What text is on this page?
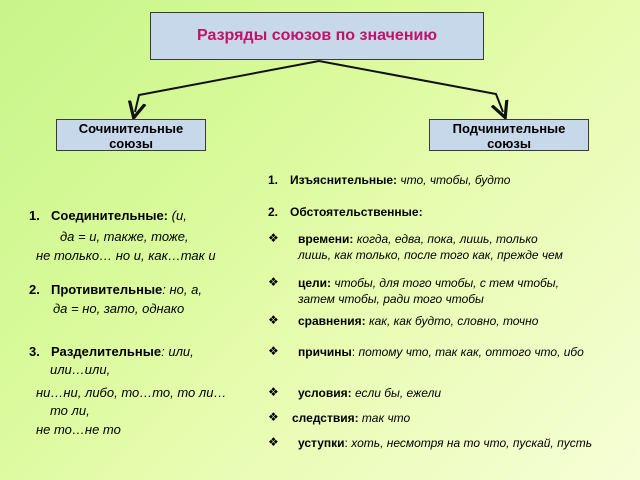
Разряды союзов по значению
Сочинительные
союзы
Подчинительные
союзы
1. Соединительные: (и,
да = и, также, тоже,
не только… но и, как…так и
2. Противительные: но, а,
да = но, зато, однако
3. Разделительные: или,
или…или,
ни…ни, либо, то…то, то ли…
то ли,
не то…не то
1. Изъяснительные: что, чтобы, будто
2. Обстоятельственные:
❖ времени: когда, едва, пока, лишь, только
лишь, как только, после того как, прежде чем
❖ цели: чтобы, для того чтобы, с тем чтобы,
затем чтобы, ради того чтобы
❖ сравнения: как, как будто, словно, точно
❖ причины: потому что, так как, оттого что, ибо
❖ условия: если бы, ежели
❖ следствия: так что
❖ уступки: хоть, несмотря на то что, пускай, пусть
